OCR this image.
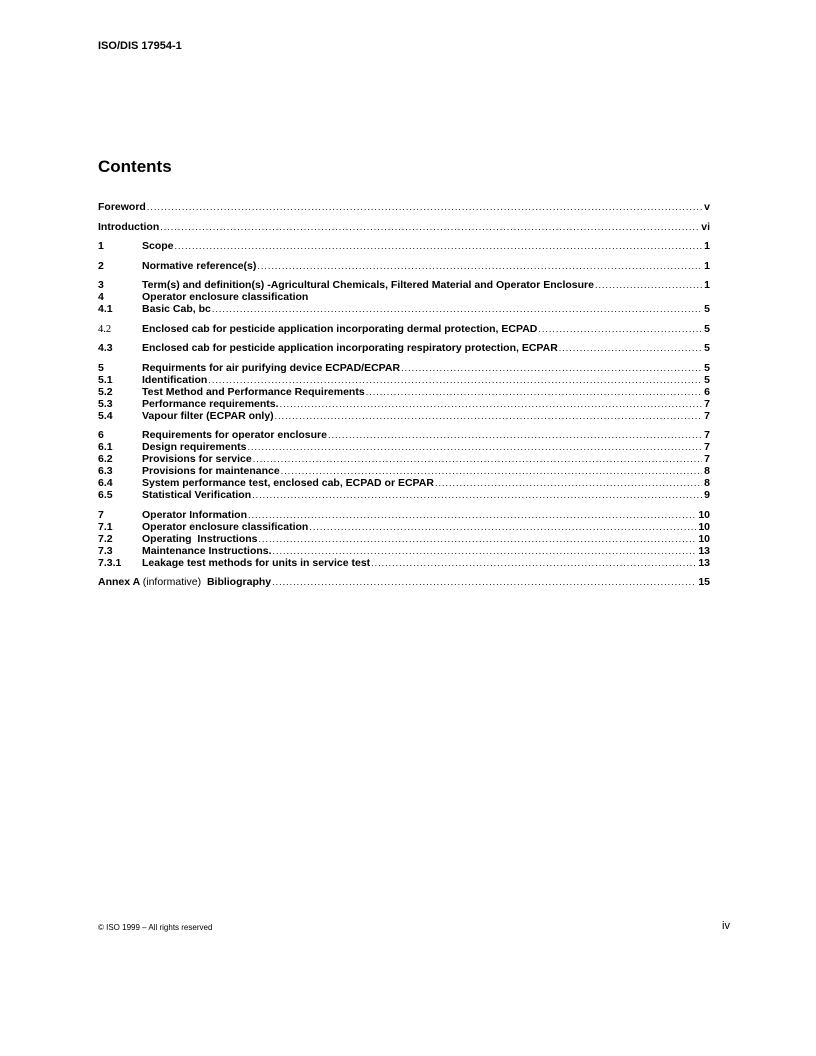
ISO/DIS 17954-1
Contents
Foreword .....	v
Introduction .....	vi
1	Scope .....	1
2	Normative reference(s) .....	1
3	Term(s) and definition(s) -Agricultural Chemicals, Filtered Material and Operator Enclosure .....	1
4	Operator enclosure classification
4.1	Basic Cab, bc .....	5
4.2	Enclosed cab for pesticide application incorporating dermal protection, ECPAD .....	5
4.3	Enclosed cab for pesticide application incorporating respiratory protection, ECPAR .....	5
5	Requirments for air purifying device ECPAD/ECPAR .....	5
5.1	Identification .....	5
5.2	Test Method and Performance Requirements .....	6
5.3	Performance requirements. .....	7
5.4	Vapour filter (ECPAR only) .....	7
6	Requirements for operator enclosure .....	7
6.1	Design requirements .....	7
6.2	Provisions for service .....	7
6.3	Provisions for maintenance .....	8
6.4	System performance test, enclosed cab, ECPAD or ECPAR .....	8
6.5	Statistical Verification .....	9
7	Operator Information .....	10
7.1	Operator enclosure classification .....	10
7.2	Operating  Instructions .....	10
7.3	Maintenance Instructions. .....	13
7.3.1	Leakage test methods for units in service test .....	13
Annex A (informative) Bibliography .....	15
© ISO 1999 – All rights reserved	iv
